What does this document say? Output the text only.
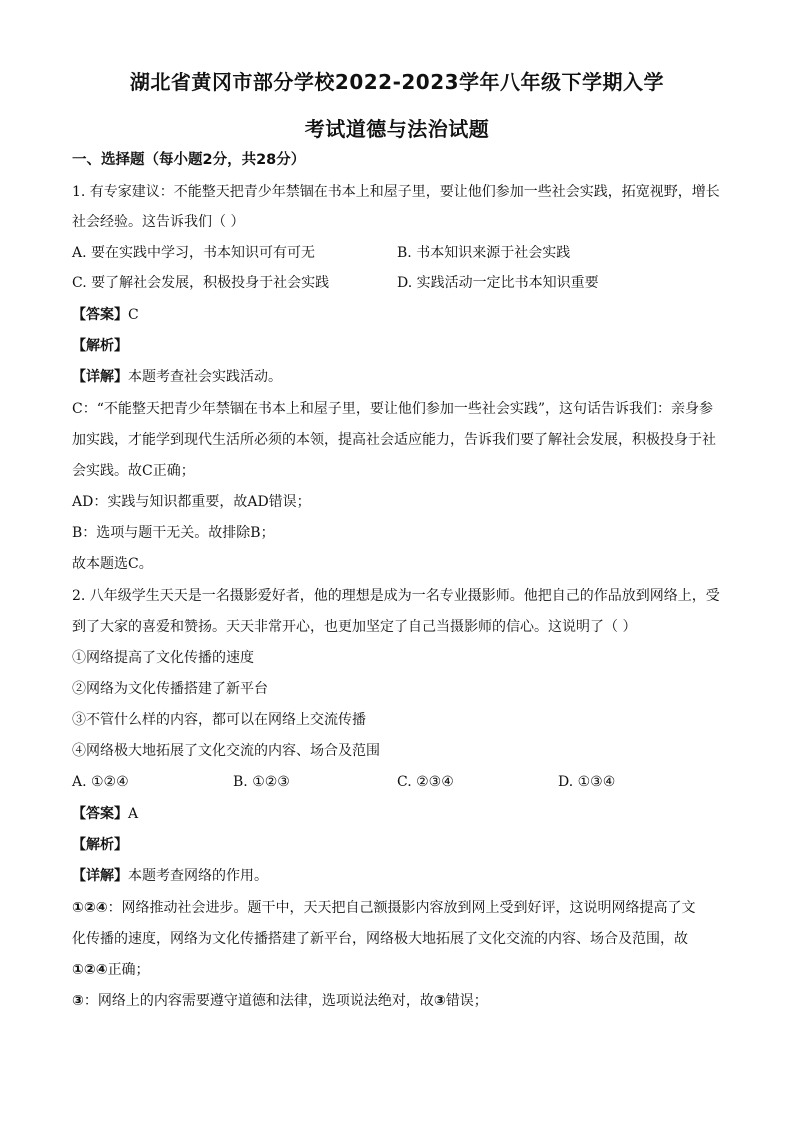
湖北省黄冈市部分学校2022-2023学年八年级下学期入学
考试道德与法治试题
一、选择题（每小题2分，共28分）
1. 有专家建议：不能整天把青少年禁锢在书本上和屋子里，要让他们参加一些社会实践，拓宽视野，增长
社会经验。这告诉我们（ ）
A. 要在实践中学习，书本知识可有可无	B. 书本知识来源于社会实践
C. 要了解社会发展，积极投身于社会实践	D. 实践活动一定比书本知识重要
【答案】C
【解析】
【详解】本题考查社会实践活动。
C：“不能整天把青少年禁锢在书本上和屋子里，要让他们参加一些社会实践”，这句话告诉我们：亲身参
加实践，才能学到现代生活所必须的本领，提高社会适应能力，告诉我们要了解社会发展，积极投身于社
会实践。故C正确；
AD：实践与知识都重要，故AD错误；
B：选项与题干无关。故排除B；
故本题选C。
2. 八年级学生天天是一名摄影爱好者，他的理想是成为一名专业摄影师。他把自己的作品放到网络上，受
到了大家的喜爱和赞扬。天天非常开心，也更加坚定了自己当摄影师的信心。这说明了（ ）
①网络提高了文化传播的速度
②网络为文化传播搭建了新平台
③不管什么样的内容，都可以在网络上交流传播
④网络极大地拓展了文化交流的内容、场合及范围
A. ①②④	B. ①②③	C. ②③④	D. ①③④
【答案】A
【解析】
【详解】本题考查网络的作用。
①②④：网络推动社会进步。题干中，天天把自己额摄影内容放到网上受到好评，这说明网络提高了文
化传播的速度，网络为文化传播搭建了新平台，网络极大地拓展了文化交流的内容、场合及范围，故
①②④正确；
③：网络上的内容需要遵守道德和法律，选项说法绝对，故③错误；
